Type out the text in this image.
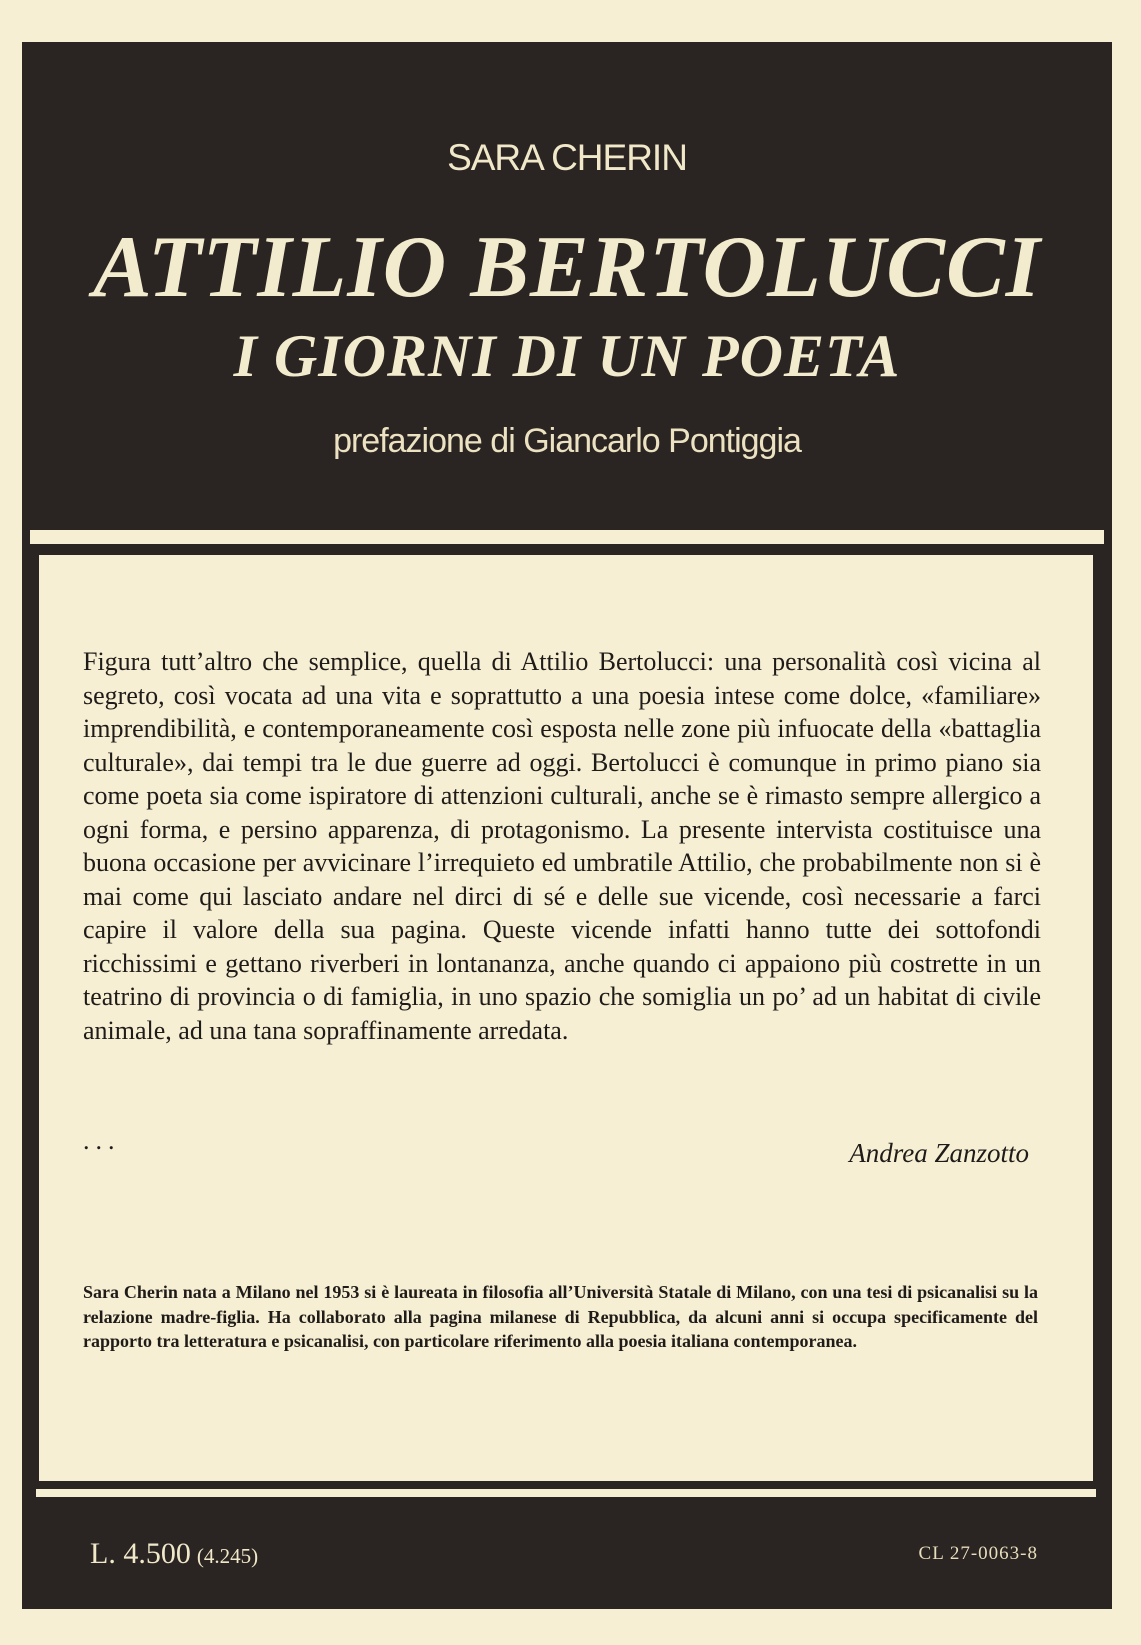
SARA CHERIN
ATTILIO BERTOLUCCI
I GIORNI DI UN POETA
prefazione di Giancarlo Pontiggia
Figura tutt’altro che semplice, quella di Attilio Bertolucci: una personalità così vicina al segreto, così vocata ad una vita e soprattutto a una poesia intese come dolce, «familiare» imprendibilità, e contemporaneamente così esposta nelle zone più infuocate della «battaglia culturale», dai tempi tra le due guerre ad oggi. Bertolucci è comunque in primo piano sia come poeta sia come ispiratore di attenzioni culturali, anche se è rimasto sempre allergico a ogni forma, e persino apparenza, di protagonismo. La presente intervista costituisce una buona occasione per avvicinare l’irrequieto ed umbratile Attilio, che probabilmente non si è mai come qui lasciato andare nel dirci di sé e delle sue vicende, così necessarie a farci capire il valore della sua pagina. Queste vicende infatti hanno tutte dei sottofondi ricchissimi e gettano riverberi in lontananza, anche quando ci appaiono più costrette in un teatrino di provincia o di famiglia, in uno spazio che somiglia un po’ ad un habitat di civile animale, ad una tana sopraffinamente arredata.
...	Andrea Zanzotto
Sara Cherin nata a Milano nel 1953 si è laureata in filosofia all’Università Statale di Milano, con una tesi di psicanalisi su la relazione madre-figlia. Ha collaborato alla pagina milanese di Repubblica, da alcuni anni si occupa specificamente del rapporto tra letteratura e psicanalisi, con particolare riferimento alla poesia italiana contemporanea.
L. 4.500 (4.245)	CL 27-0063-8
